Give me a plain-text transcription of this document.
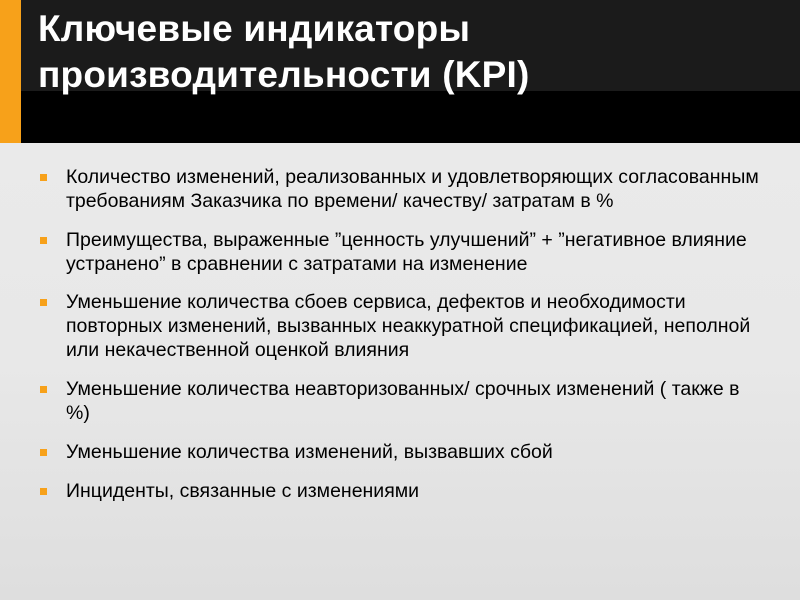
Ключевые индикаторы производительности (KPI)
Количество изменений, реализованных и удовлетворяющих согласованным требованиям Заказчика по времени/ качеству/ затратам в %
Преимущества, выраженные ”ценность улучшений” + ”негативное влияние устранено” в сравнении с затратами на изменение
Уменьшение количества сбоев сервиса, дефектов и необходимости повторных изменений, вызванных неаккуратной спецификацией, неполной или некачественной оценкой влияния
Уменьшение количества неавторизованных/ срочных изменений ( также в %)
Уменьшение количества изменений, вызвавших сбой
Инциденты, связанные с изменениями
